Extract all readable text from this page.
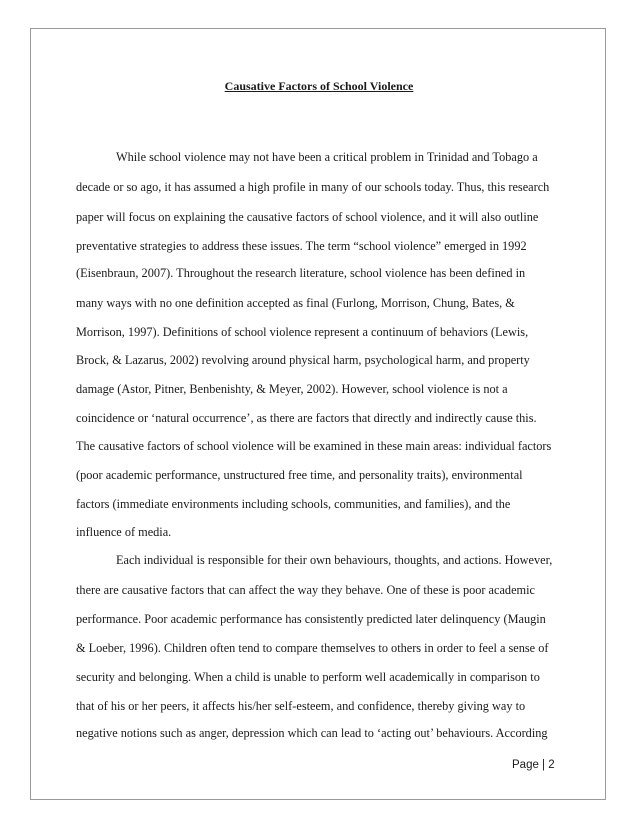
Causative Factors of School Violence

While school violence may not have been a critical problem in Trinidad and Tobago a

decade or so ago, it has assumed a high profile in many of our schools today. Thus, this research

paper will focus on explaining the causative factors of school violence, and it will also outline

preventative strategies to address these issues. The term “school violence” emerged in 1992

(Eisenbraun, 2007). Throughout the research literature, school violence has been defined in

many ways with no one definition accepted as final (Furlong, Morrison, Chung, Bates, &

Morrison, 1997). Definitions of school violence represent a continuum of behaviors (Lewis,

Brock, & Lazarus, 2002) revolving around physical harm, psychological harm, and property

damage (Astor, Pitner, Benbenishty, & Meyer, 2002). However, school violence is not a

coincidence or ‘natural occurrence’, as there are factors that directly and indirectly cause this.

The causative factors of school violence will be examined in these main areas: individual factors

(poor academic performance, unstructured free time, and personality traits), environmental

factors (immediate environments including schools, communities, and families), and the

influence of media.

Each individual is responsible for their own behaviours, thoughts, and actions. However,

there are causative factors that can affect the way they behave. One of these is poor academic

performance. Poor academic performance has consistently predicted later delinquency (Maugin

& Loeber, 1996). Children often tend to compare themselves to others in order to feel a sense of

security and belonging. When a child is unable to perform well academically in comparison to

that of his or her peers, it affects his/her self-esteem, and confidence, thereby giving way to

negative notions such as anger, depression which can lead to ‘acting out’ behaviours. According

Page | 2
